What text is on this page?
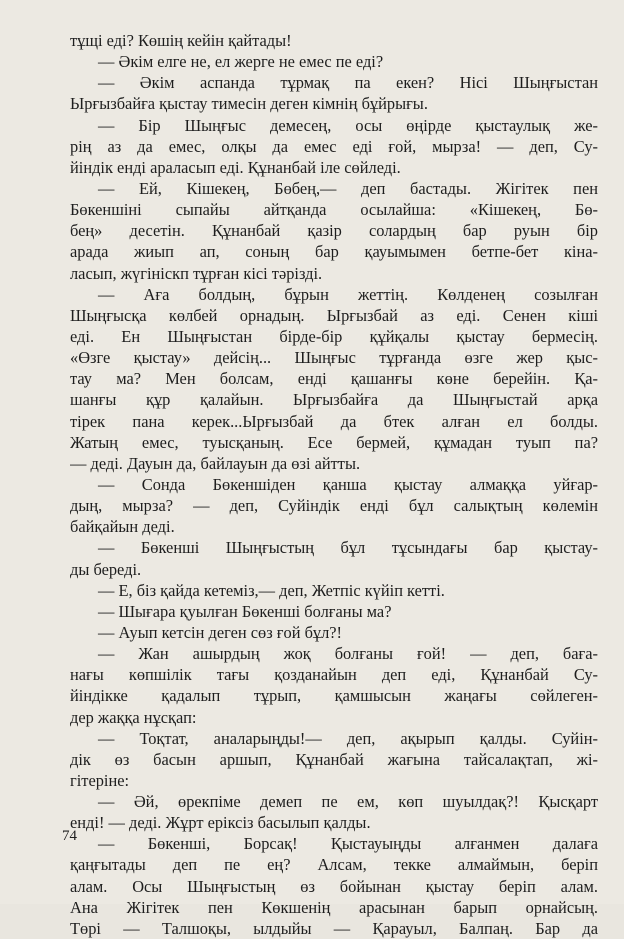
тұщі еді? Көшің кейін қайтады!
— Әкім елге не, ел жерге не емес пе еді?
— Әкім аспанда тұрмақ па екен? Нісі Шыңғыстан
Ырғызбайға қыстау тимесін деген кімнің бұйрығы.
— Бір Шыңғыс демесең, осы өңірде қыстаулық же-
рің аз да емес, олқы да емес еді ғой, мырза! — деп, Су-
йіндік енді араласып еді. Құнанбай іле сөйледі.
— Ей, Кішекең, Бөбең,— деп бастады. Жігітек пен
Бөкеншіні сыпайы айтқанда осылайша: «Кішекең, Бө-
бең» десетін. Құнанбай қазір солардың бар руын бір
арада жиып ап, соның бар қауымымен бетпе-бет кіна-
ласып, жүгініскп тұрған кісі тәрізді.
— Аға болдың, бұрын жеттің. Көлденең созылған
Шыңғысқа көлбей орнадың. Ырғызбай аз еді. Сенен кіші
еді. Ен Шыңғыстан бірде-бір құйқалы қыстау бермесің.
«Өзге қыстау» дейсің... Шыңғыс тұрғанда өзге жер қыс-
тау ма? Мен болсам, енді қашанғы көне берейін. Қа-
шанғы құр қалайын. Ырғызбайға да Шыңғыстай арқа
тірек пана керек...Ырғызбай да бтек алған ел болды.
Жатың емес, туысқаның. Есе бермей, құмадан туып па?
— деді. Дауын да, байлауын да өзі айтты.
— Сонда Бөкеншіден қанша қыстау алмаққа уйғар-
дың, мырза? — деп, Суйіндік енді бұл салықтың көлемін
байқайын деді.
— Бөкенші Шыңғыстың бұл тұсындағы бар қыстау-
ды береді.
— Е, біз қайда кетеміз,— деп, Жетпіс күйіп кетті.
— Шығара қуылған Бөкенші болғаны ма?
— Ауып кетсін деген сөз ғой бұл?!
— Жан ашырдың жоқ болғаны ғой! — деп, бағa-
нағы көпшілік тағы қозданайын деп еді, Құнанбай Су-
йіндікке қадалып тұрып, қамшысын жаңағы сөйлеген-
дер жаққа нұсқап:
— Тоқтат, аналарыңды!— деп, ақырып қалды. Суйін-
дік өз басын аршып, Құнанбай жағына тайсалақтап, жі-
гітеріне:
— Әй, өрекпіме демеп пе ем, көп шуылдақ?! Қысқарт
енді! — деді. Жұрт еріксіз басылып қалды.
— Бөкенші, Борсақ! Қыстауыңды алғанмен далаға
қаңғытады деп пе ең? Алсам, текке алмаймын, беріп
алам. Осы Шыңғыстың өз бойынан қыстау беріп алам.
Ана Жігітек пен Көкшенің арасынан барып орнайсың.
Төрі — Талшоқы, ылдыйы — Қарауыл, Балпаң. Бар да
74
